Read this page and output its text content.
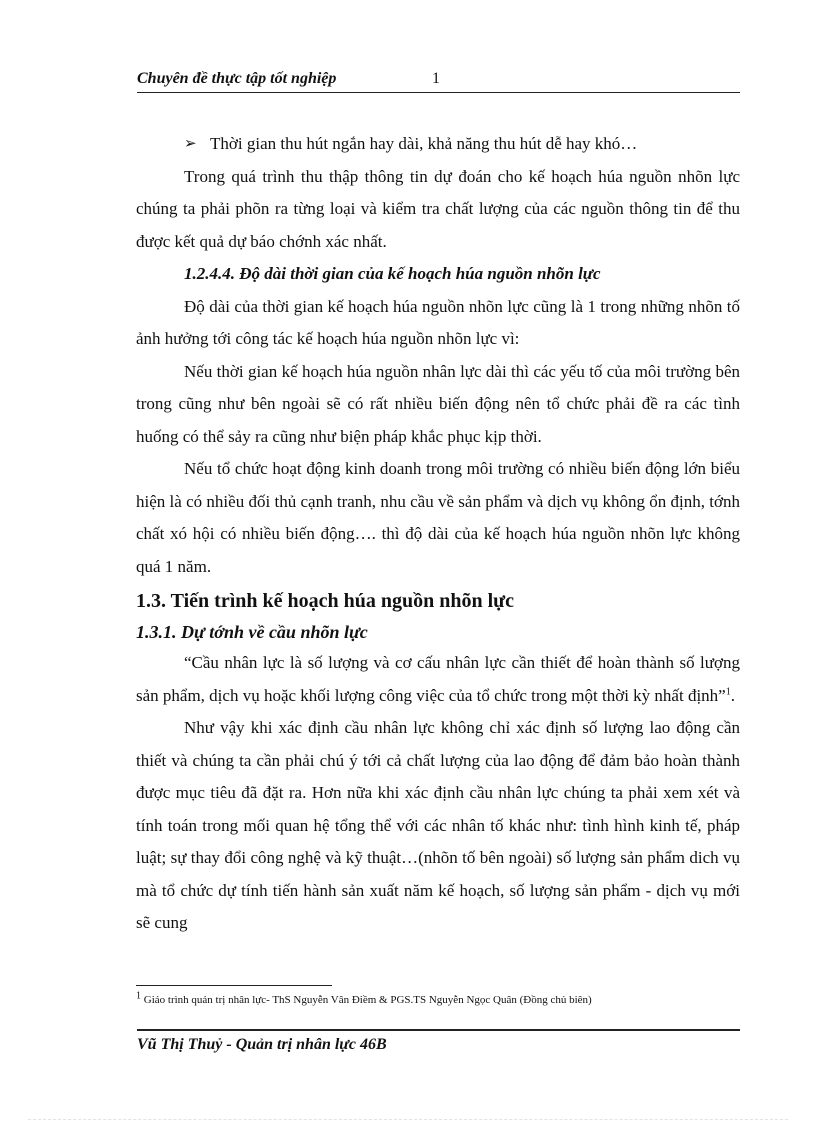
Chuyên đề thực tập tốt nghiệp	1
➢ Thời gian thu hút ngắn hay dài, khả năng thu hút dễ hay khó…

Trong quá trình thu thập thông tin dự đoán cho kế hoạch húa nguồn nhõn lực chúng ta phải phõn ra từng loại và kiểm tra chất lượng của các nguồn thông tin để thu được kết quả dự báo chớnh xác nhất.

1.2.4.4. Độ dài thời gian của kế hoạch húa nguồn nhõn lực

Độ dài của thời gian kế hoạch húa nguồn nhõn lực cũng là 1 trong những nhõn tố ảnh hưởng tới công tác kế hoạch húa nguồn nhõn lực vì:

Nếu thời gian kế hoạch húa nguồn nhân lực dài thì các yếu tố của môi trường bên trong cũng như bên ngoài sẽ có rất nhiều biến động nên tổ chức phải đề ra các tình huống có thể sảy ra cũng như biện pháp khắc phục kịp thời.

Nếu tổ chức hoạt động kinh doanh trong môi trường có nhiều biến động lớn biểu hiện là có nhiều đối thủ cạnh tranh, nhu cầu về sản phẩm và dịch vụ không ổn định, tớnh chất xó hội có nhiều biến động…. thì độ dài của kế hoạch húa nguồn nhõn lực không quá 1 năm.

1.3. Tiến trình kế hoạch húa nguồn nhõn lực

1.3.1. Dự tớnh về cầu nhõn lực

“Cầu nhân lực là số lượng và cơ cấu nhân lực cần thiết để hoàn thành số lượng sản phẩm, dịch vụ hoặc khối lượng công việc của tổ chức trong một thời kỳ nhất định”$^1$.

Như vậy khi xác định cầu nhân lực không chỉ xác định số lượng lao động cần thiết và chúng ta cần phải chú ý tới cả chất lượng của lao động để đảm bảo hoàn thành được mục tiêu đã đặt ra. Hơn nữa khi xác định cầu nhân lực chúng ta phải xem xét và tính toán trong mối quan hệ tổng thể với các nhân tố khác như: tình hình kinh tế, pháp luật; sự thay đổi công nghệ và kỹ thuật…(nhõn tố bên ngoài) số lượng sản phẩm dich vụ mà tổ chức dự tính tiến hành sản xuất năm kế hoạch, số lượng sản phẩm - dịch vụ mới sẽ cung

$^1$ Giáo trình quản trị nhân lực- ThS Nguyễn Vân Điềm & PGS.TS Nguyễn Ngọc Quân (Đồng chủ biên)
Vũ Thị Thuỷ - Quản trị nhân lực 46B
